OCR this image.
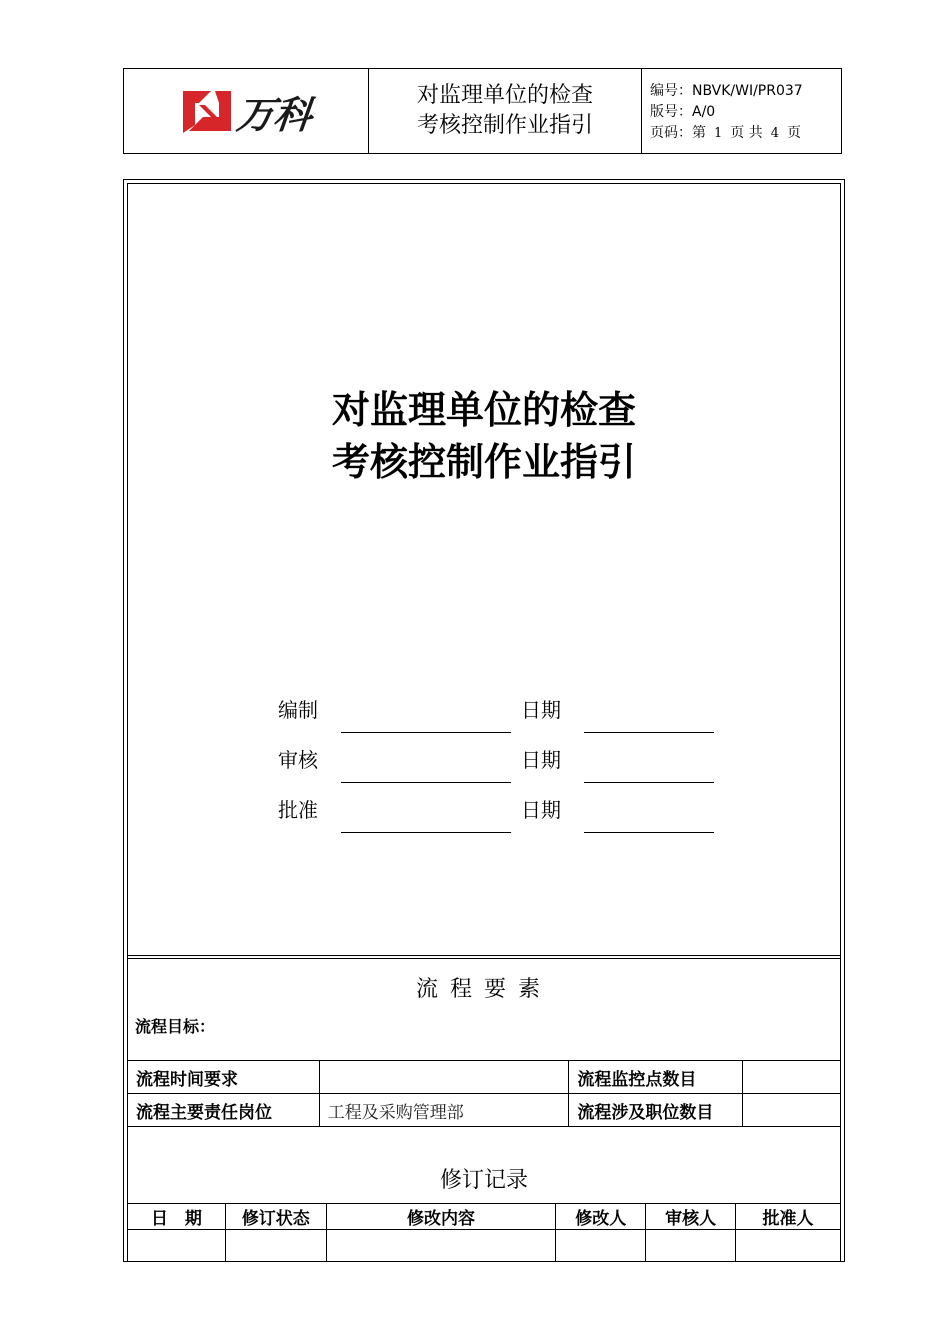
万科	对监理单位的检查
考核控制作业指引
编号：NBVK/WI/PR037
版号：A/0
页码：第 1 页 共 4 页
对监理单位的检查
考核控制作业指引
编制	日期
审核	日期
批准	日期
流程要素
流程目标：
流程时间要求		流程监控点数目	
流程主要责任岗位	工程及采购管理部	流程涉及职位数目	
修订记录
日　期	修订状态	修改内容	修改人	审核人	批准人
